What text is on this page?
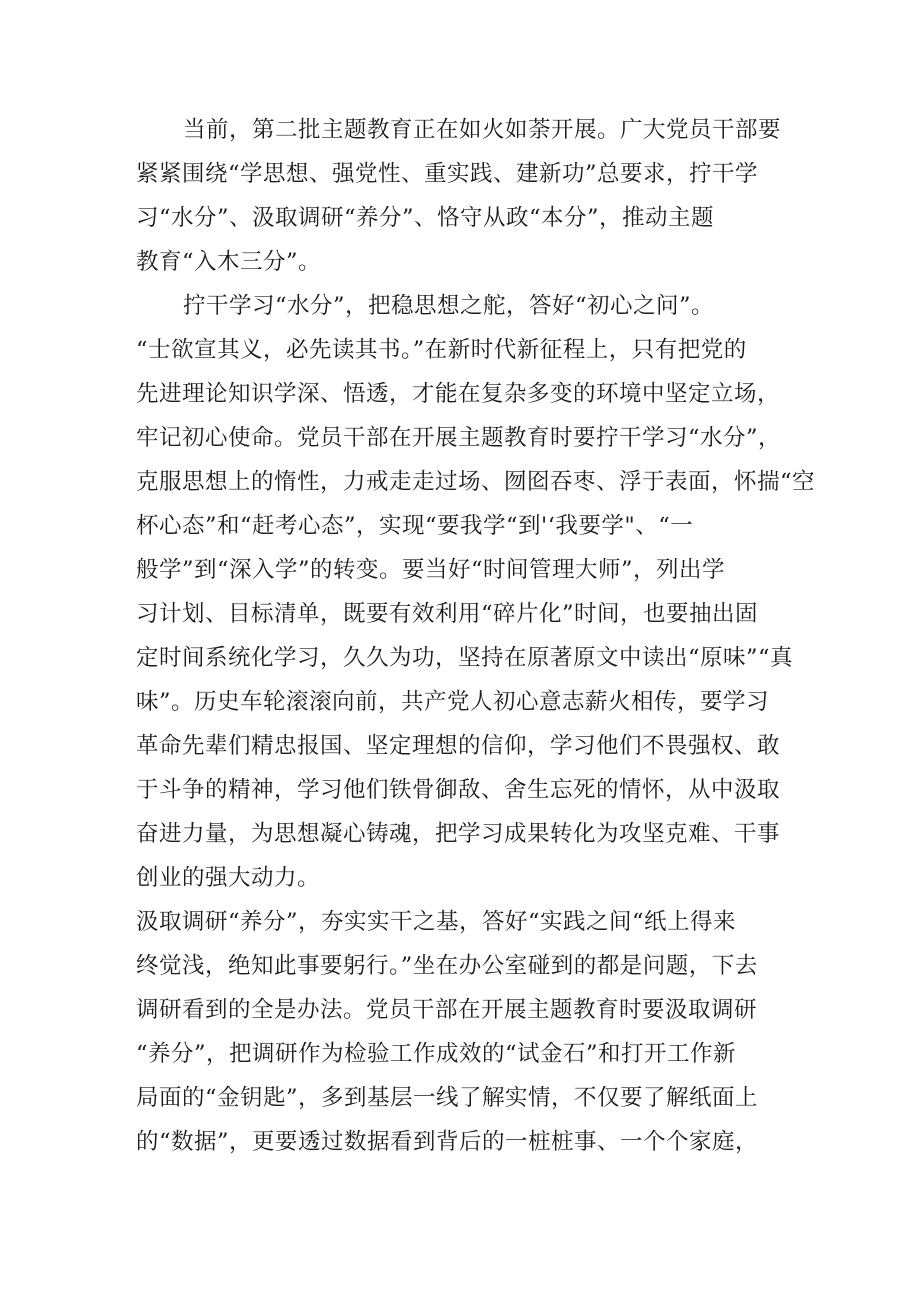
当前，第二批主题教育正在如火如荼开展。广大党员干部要
紧紧围绕“学思想、强党性、重实践、建新功”总要求，拧干学
习“水分”、汲取调研“养分”、恪守从政“本分”，推动主题
教育“入木三分”。
拧干学习“水分”，把稳思想之舵，答好“初心之问”。
“士欲宣其义，必先读其书。”在新时代新征程上，只有把党的
先进理论知识学深、悟透，才能在复杂多变的环境中坚定立场，
牢记初心使命。党员干部在开展主题教育时要拧干学习“水分”，
克服思想上的惰性，力戒走走过场、囫囵吞枣、浮于表面，怀揣“空
杯心态”和“赶考心态”，实现“要我学“到'‘我要学"、“一
般学”到“深入学”的转变。要当好“时间管理大师”，列出学
习计划、目标清单，既要有效利用“碎片化”时间，也要抽出固
定时间系统化学习，久久为功，坚持在原著原文中读出“原味”“真
味”。历史车轮滚滚向前，共产党人初心意志薪火相传，要学习
革命先辈们精忠报国、坚定理想的信仰，学习他们不畏强权、敢
于斗争的精神，学习他们铁骨御敌、舍生忘死的情怀，从中汲取
奋进力量，为思想凝心铸魂，把学习成果转化为攻坚克难、干事
创业的强大动力。
汲取调研“养分”，夯实实干之基，答好“实践之间“纸上得来
终觉浅，绝知此事要躬行。”坐在办公室碰到的都是问题，下去
调研看到的全是办法。党员干部在开展主题教育时要汲取调研
“养分”，把调研作为检验工作成效的“试金石”和打开工作新
局面的“金钥匙”，多到基层一线了解实情，不仅要了解纸面上
的“数据”，更要透过数据看到背后的一桩桩事、一个个家庭，
